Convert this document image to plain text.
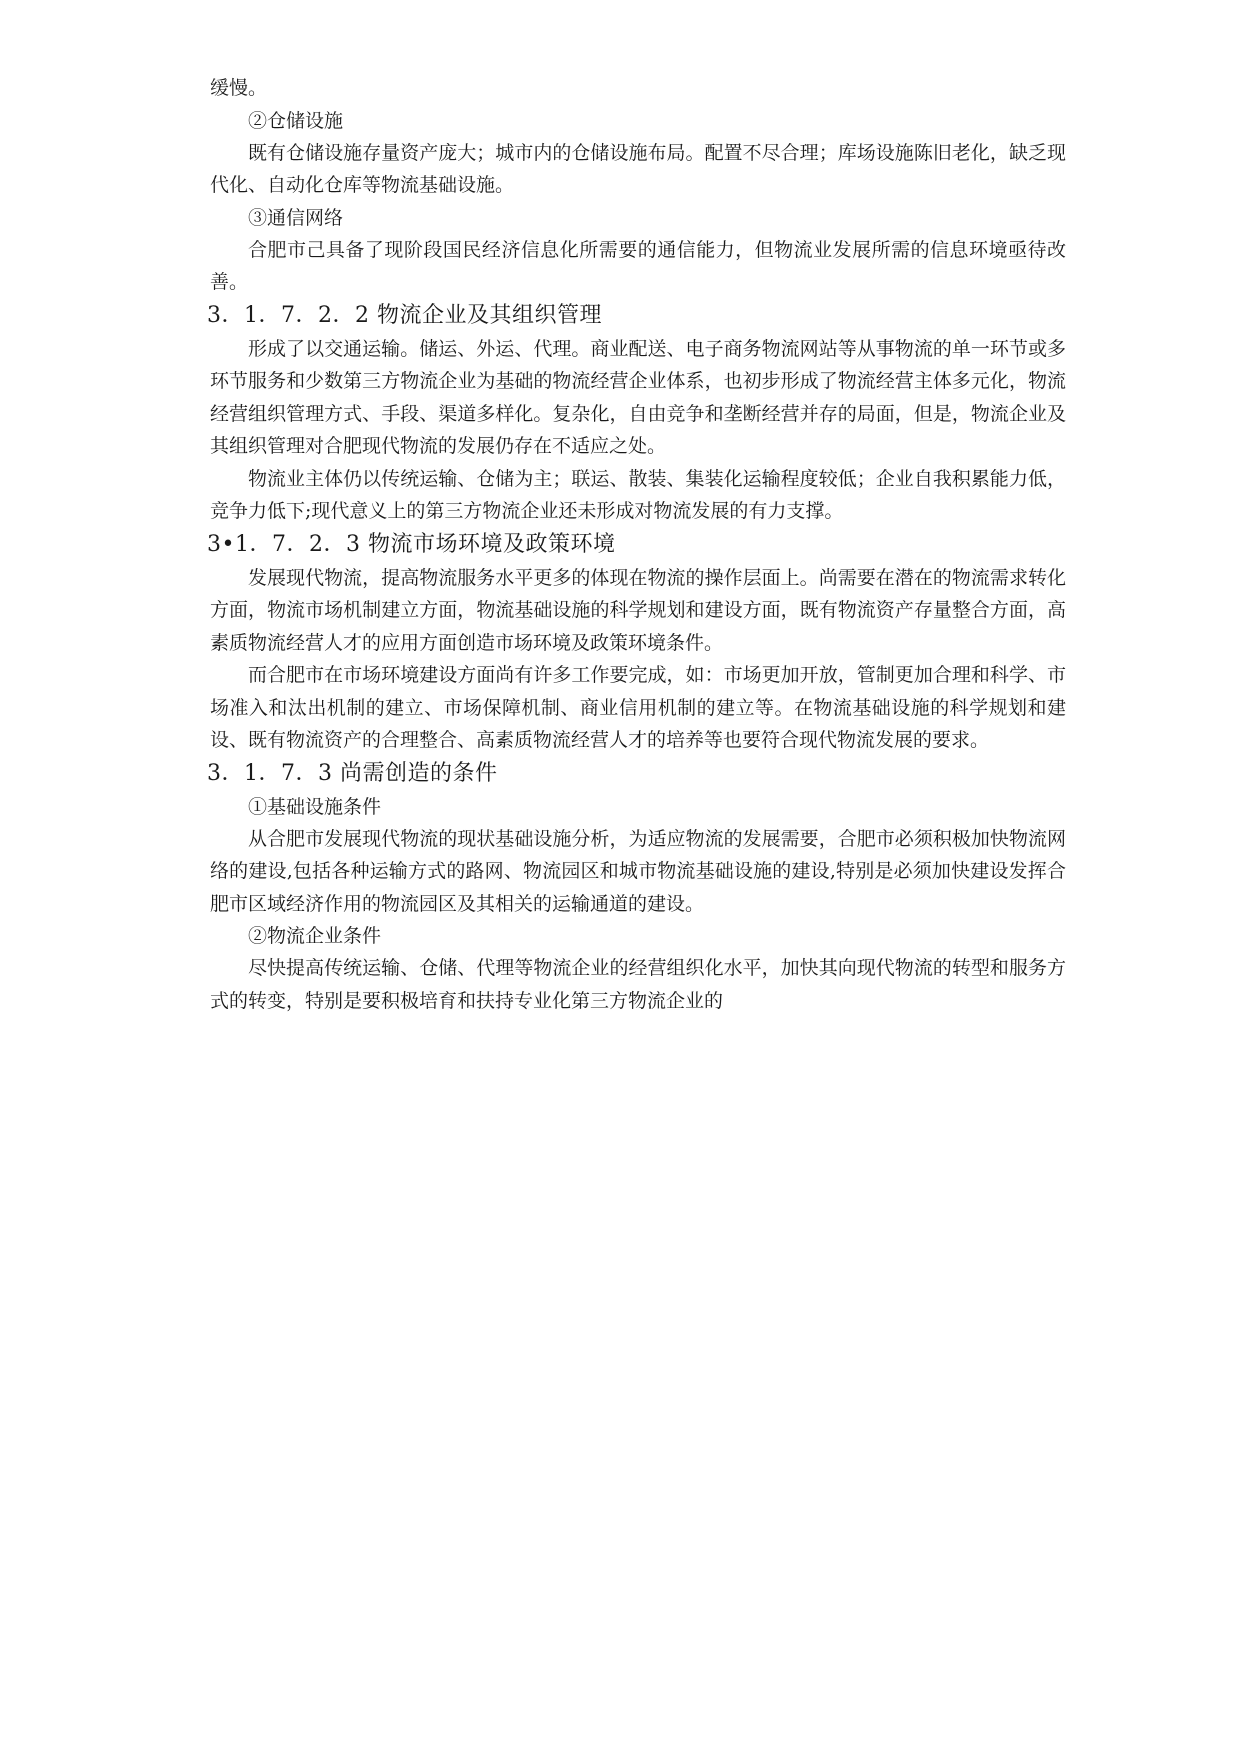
缓慢。

②仓储设施

既有仓储设施存量资产庞大；城市内的仓储设施布局。配置不尽合理；库场设施陈旧老化，缺乏现代化、自动化仓库等物流基础设施。

③通信网络

合肥市己具备了现阶段国民经济信息化所需要的通信能力，但物流业发展所需的信息环境亟待改善。

3．1．7．2．2 物流企业及其组织管理

形成了以交通运输。储运、外运、代理。商业配送、电子商务物流网站等从事物流的单一环节或多环节服务和少数第三方物流企业为基础的物流经营企业体系，也初步形成了物流经营主体多元化，物流经营组织管理方式、手段、渠道多样化。复杂化，自由竞争和垄断经营并存的局面，但是，物流企业及其组织管理对合肥现代物流的发展仍存在不适应之处。

物流业主体仍以传统运输、仓储为主；联运、散装、集装化运输程度较低；企业自我积累能力低，竞争力低下;现代意义上的第三方物流企业还未形成对物流发展的有力支撑。

3•1．7．2．3 物流市场环境及政策环境

发展现代物流，提高物流服务水平更多的体现在物流的操作层面上。尚需要在潜在的物流需求转化方面，物流市场机制建立方面，物流基础设施的科学规划和建设方面，既有物流资产存量整合方面，高素质物流经营人才的应用方面创造市场环境及政策环境条件。

而合肥市在市场环境建设方面尚有许多工作要完成，如：市场更加开放，管制更加合理和科学、市场准入和汰出机制的建立、市场保障机制、商业信用机制的建立等。在物流基础设施的科学规划和建设、既有物流资产的合理整合、高素质物流经营人才的培养等也要符合现代物流发展的要求。

3．1．7．3 尚需创造的条件
①基础设施条件

从合肥市发展现代物流的现状基础设施分析，为适应物流的发展需要，合肥市必须积极加快物流网络的建设,包括各种运输方式的路网、物流园区和城市物流基础设施的建设,特别是必须加快建设发挥合肥市区域经济作用的物流园区及其相关的运输通道的建设。

②物流企业条件

尽快提高传统运输、仓储、代理等物流企业的经营组织化水平，加快其向现代物流的转型和服务方式的转变，特别是要积极培育和扶持专业化第三方物流企业的
